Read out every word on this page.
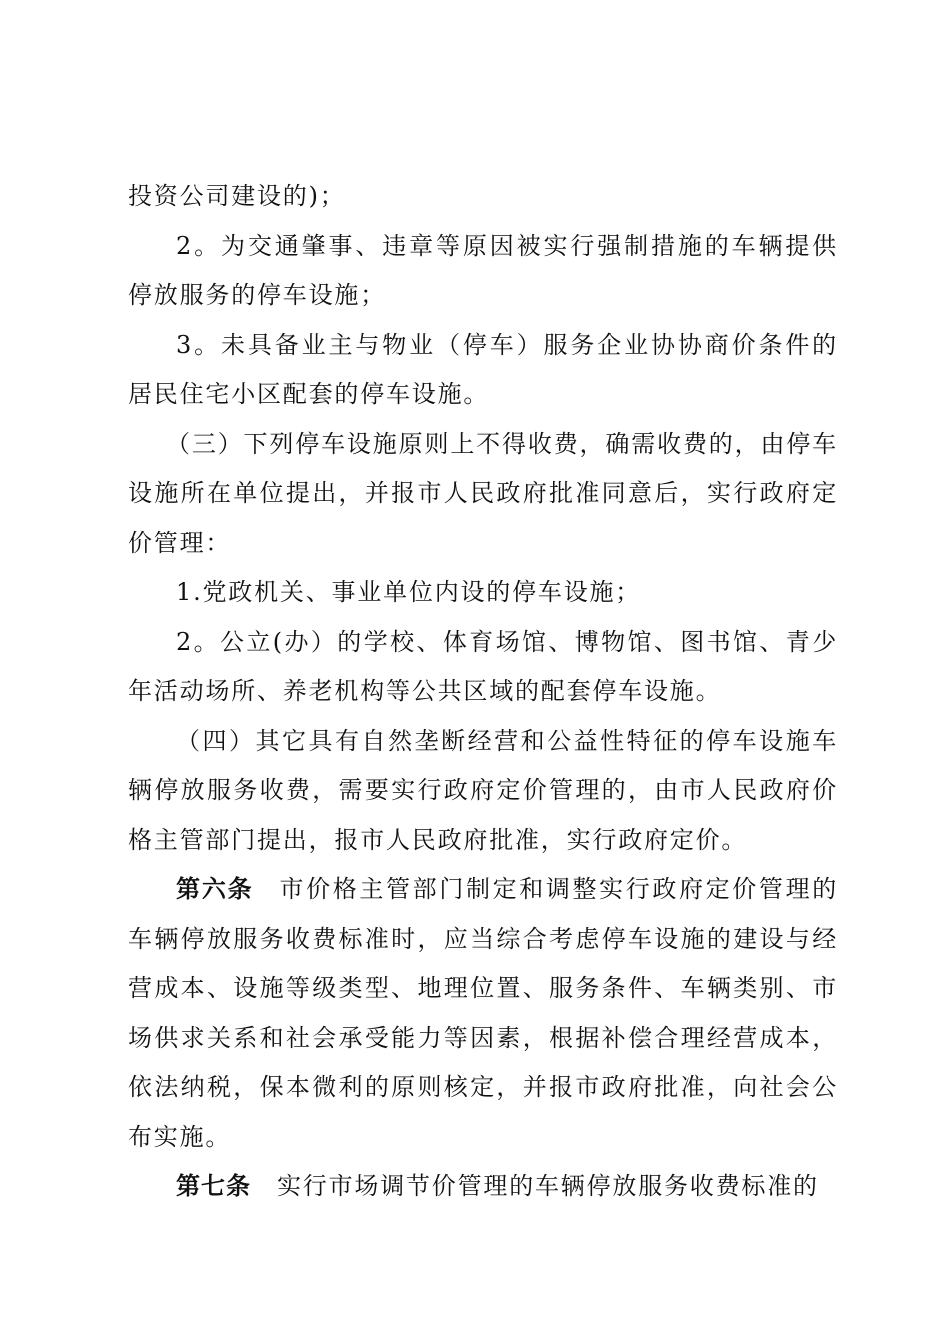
投资公司建设的)；

2。为交通肇事、违章等原因被实行强制措施的车辆提供停放服务的停车设施；

3。未具备业主与物业（停车）服务企业协协商价条件的居民住宅小区配套的停车设施。

（三）下列停车设施原则上不得收费，确需收费的，由停车设施所在单位提出，并报市人民政府批准同意后，实行政府定价管理：

1.党政机关、事业单位内设的停车设施；

2。公立(办）的学校、体育场馆、博物馆、图书馆、青少年活动场所、养老机构等公共区域的配套停车设施。

（四）其它具有自然垄断经营和公益性特征的停车设施车辆停放服务收费，需要实行政府定价管理的，由市人民政府价格主管部门提出，报市人民政府批准，实行政府定价。

第六条 市价格主管部门制定和调整实行政府定价管理的车辆停放服务收费标准时，应当综合考虑停车设施的建设与经营成本、设施等级类型、地理位置、服务条件、车辆类别、市场供求关系和社会承受能力等因素，根据补偿合理经营成本，依法纳税，保本微利的原则核定，并报市政府批准，向社会公布实施。

第七条 实行市场调节价管理的车辆停放服务收费标准的
